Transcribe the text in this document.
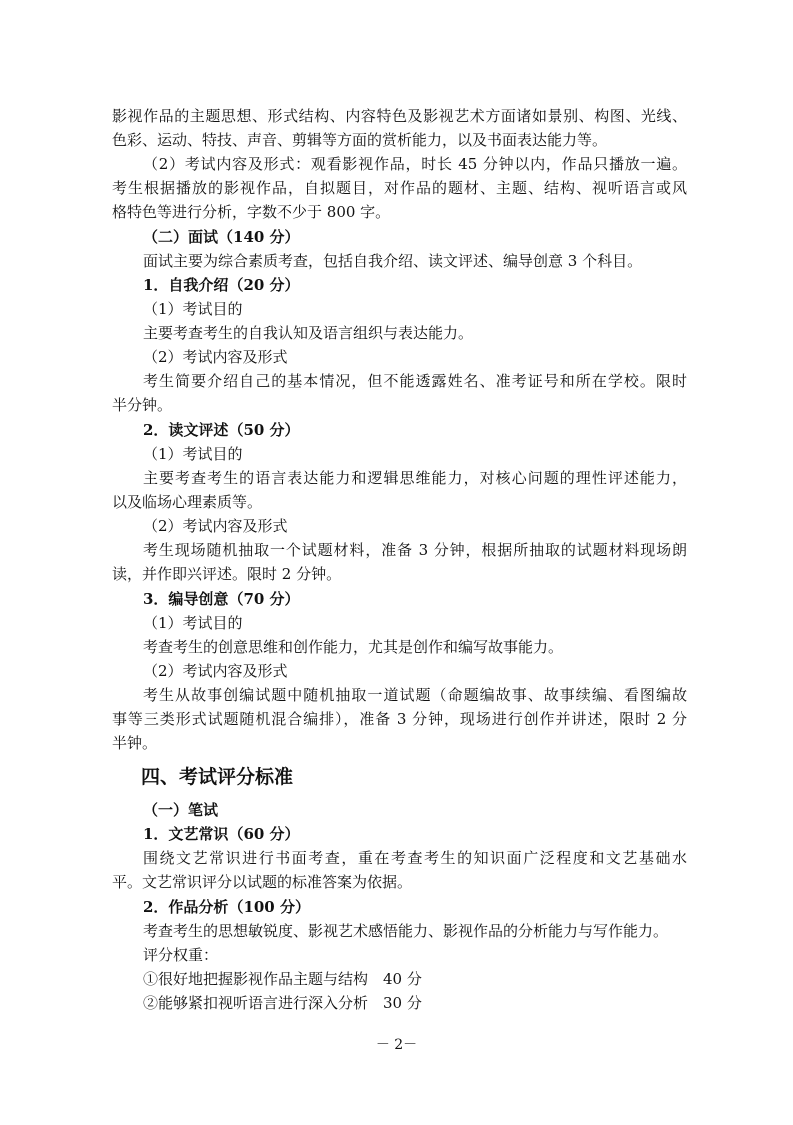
影视作品的主题思想、形式结构、内容特色及影视艺术方面诸如景别、构图、光线、
色彩、运动、特技、声音、剪辑等方面的赏析能力，以及书面表达能力等。
（2）考试内容及形式：观看影视作品，时长 45 分钟以内，作品只播放一遍。
考生根据播放的影视作品，自拟题目，对作品的题材、主题、结构、视听语言或风
格特色等进行分析，字数不少于 800 字。
（二）面试（140 分）
面试主要为综合素质考查，包括自我介绍、读文评述、编导创意 3 个科目。
1．自我介绍（20 分）
（1）考试目的
主要考查考生的自我认知及语言组织与表达能力。
（2）考试内容及形式
考生简要介绍自己的基本情况，但不能透露姓名、准考证号和所在学校。限时
半分钟。
2．读文评述（50 分）
（1）考试目的
主要考查考生的语言表达能力和逻辑思维能力，对核心问题的理性评述能力，
以及临场心理素质等。
（2）考试内容及形式
考生现场随机抽取一个试题材料，准备 3 分钟，根据所抽取的试题材料现场朗
读，并作即兴评述。限时 2 分钟。
3．编导创意（70 分）
（1）考试目的
考查考生的创意思维和创作能力，尤其是创作和编写故事能力。
（2）考试内容及形式
考生从故事创编试题中随机抽取一道试题（命题编故事、故事续编、看图编故
事等三类形式试题随机混合编排），准备 3 分钟，现场进行创作并讲述，限时 2 分
半钟。
四、考试评分标准
（一）笔试
1．文艺常识（60 分）
围绕文艺常识进行书面考查，重在考查考生的知识面广泛程度和文艺基础水
平。文艺常识评分以试题的标准答案为依据。
2．作品分析（100 分）
考查考生的思想敏锐度、影视艺术感悟能力、影视作品的分析能力与写作能力。
评分权重：
①很好地把握影视作品主题与结构　40 分
②能够紧扣视听语言进行深入分析　30 分
－ 2－
